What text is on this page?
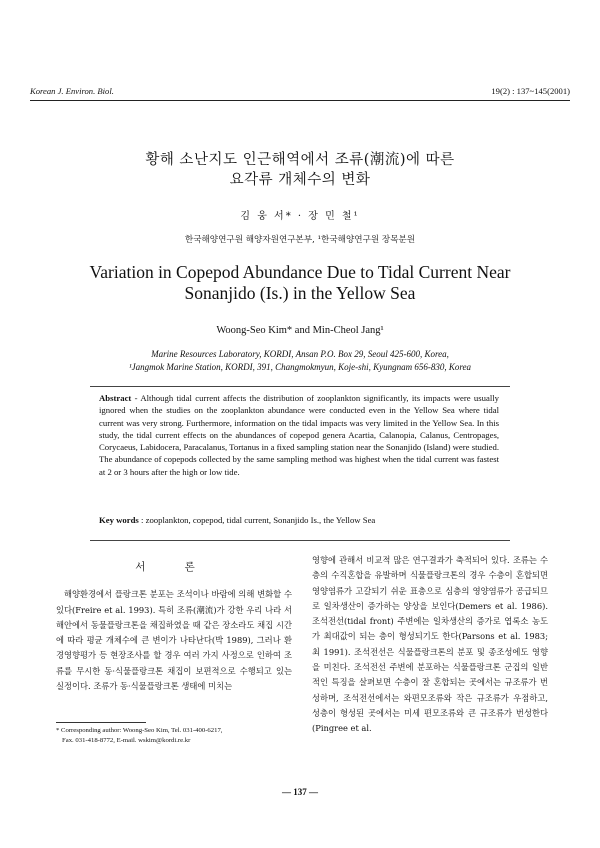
Korean J. Environ. Biol.	19(2) : 137~145(2001)
황해 소난지도 인근해역에서 조류(潮流)에 따른
요각류 개체수의 변화
김 웅 서* · 장 민 철¹
한국해양연구원 해양자원연구본부, ¹한국해양연구원 장목분원
Variation in Copepod Abundance Due to Tidal Current Near
Sonanjido (Is.) in the Yellow Sea
Woong-Seo Kim* and Min-Cheol Jang¹
Marine Resources Laboratory, KORDI, Ansan P.O. Box 29, Seoul 425-600, Korea,
¹Jangmok Marine Station, KORDI, 391, Changmokmyun, Koje-shi, Kyungnam 656-830, Korea
Abstract - Although tidal current affects the distribution of zooplankton significantly, its impacts were usually ignored when the studies on the zooplankton abundance were conducted even in the Yellow Sea where tidal current was very strong. Furthermore, information on the tidal impacts was very limited in the Yellow Sea. In this study, the tidal current effects on the abundances of copepod genera Acartia, Calanopia, Calanus, Centropages, Corycaeus, Labidocera, Paracalanus, Tortanus in a fixed sampling station near the Sonanjido (Island) were studied. The abundance of copepods collected by the same sampling method was highest when the tidal current was fastest at 2 or 3 hours after the high or low tide.
Key words : zooplankton, copepod, tidal current, Sonanjido Is., the Yellow Sea
서 론

해양환경에서 플랑크톤 분포는 조석이나 바람에 의해 변화할 수 있다(Freire et al. 1993). 특히 조류(潮流)가 강한 우리 나라 서해안에서 동물플랑크톤을 채집하였을 때 같은 장소라도 채집 시간에 따라 평균 개체수에 큰 변이가 나타난다(박 1989), 그러나 환경영향평가 등 현장조사를 할 경우 여러 가지 사정으로 인하여 조류를 무시한 동·식물플랑크톤 채집이 보편적으로 수행되고 있는 실정이다. 조류가 동·식물플랑크톤 생태에 미치는

영향에 관해서 비교적 많은 연구결과가 축적되어 있다. 조류는 수층의 수직혼합을 유발하며 식물플랑크톤의 경우 수층이 혼합되면 영양염류가 고갈되기 쉬운 표층으로 심층의 영양염류가 공급되므로 일차생산이 증가하는 양상을 보인다(Demers et al. 1986). 조석전선(tidal front) 주변에는 일차생산의 증가로 엽록소 농도가 최대값이 되는 층이 형성되기도 한다(Parsons et al. 1983; 최 1991). 조석전선은 식물플랑크톤의 분포 및 종조성에도 영향을 미친다. 조석전선 주변에 분포하는 식물플랑크톤 군집의 일반적인 특징을 살펴보면 수층이 잘 혼합되는 곳에서는 규조류가 번성하며, 조석전선에서는 와편모조류와 작은 규조류가 우점하고, 성층이 형성된 곳에서는 미세 편모조류와 큰 규조류가 번성한다(Pingree et al.

* Corresponding author: Woong-Seo Kim, Tel. 031-400-6217,
Fax. 031-418-8772, E-mail. wskim@kordi.re.kr
— 137 —
